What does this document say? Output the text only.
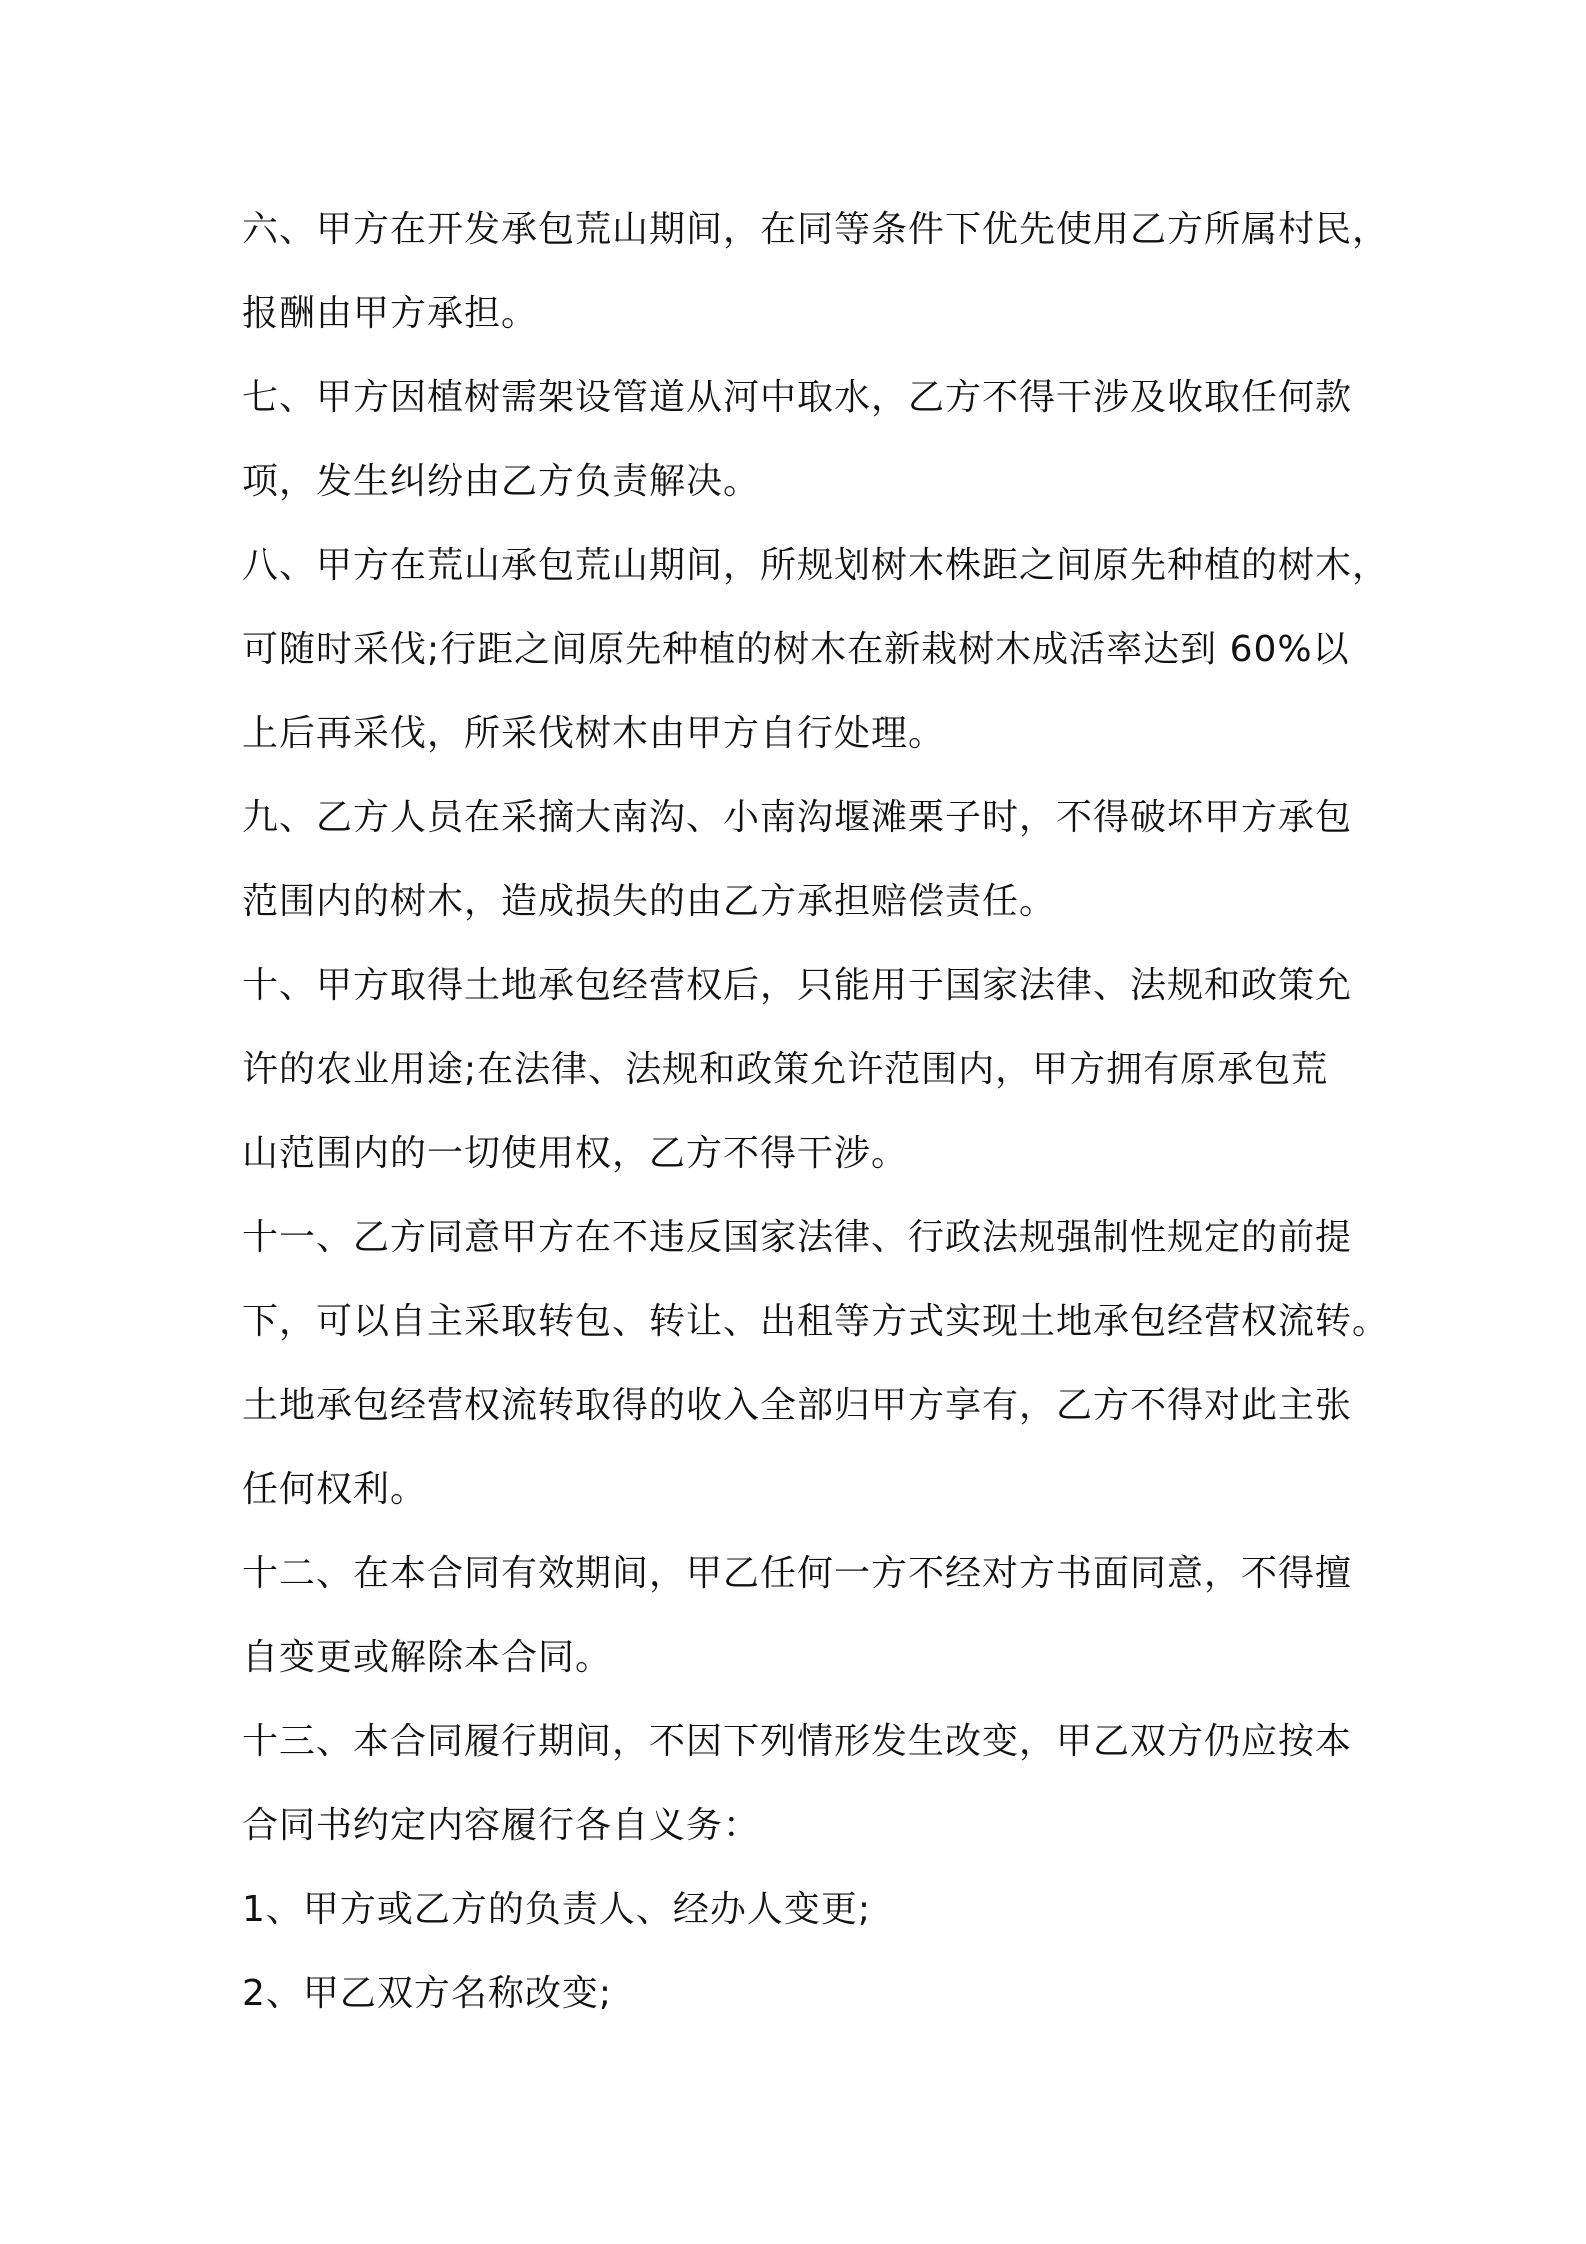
六、甲方在开发承包荒山期间，在同等条件下优先使用乙方所属村民，
报酬由甲方承担。
七、甲方因植树需架设管道从河中取水，乙方不得干涉及收取任何款
项，发生纠纷由乙方负责解决。
八、甲方在荒山承包荒山期间，所规划树木株距之间原先种植的树木，
可随时采伐;行距之间原先种植的树木在新栽树木成活率达到 60%以
上后再采伐，所采伐树木由甲方自行处理。
九、乙方人员在采摘大南沟、小南沟堰滩栗子时，不得破坏甲方承包
范围内的树木，造成损失的由乙方承担赔偿责任。
十、甲方取得土地承包经营权后，只能用于国家法律、法规和政策允
许的农业用途;在法律、法规和政策允许范围内，甲方拥有原承包荒
山范围内的一切使用权，乙方不得干涉。
十一、乙方同意甲方在不违反国家法律、行政法规强制性规定的前提
下，可以自主采取转包、转让、出租等方式实现土地承包经营权流转。
土地承包经营权流转取得的收入全部归甲方享有，乙方不得对此主张
任何权利。
十二、在本合同有效期间，甲乙任何一方不经对方书面同意，不得擅
自变更或解除本合同。
十三、本合同履行期间，不因下列情形发生改变，甲乙双方仍应按本
合同书约定内容履行各自义务：
1、甲方或乙方的负责人、经办人变更;
2、甲乙双方名称改变;
